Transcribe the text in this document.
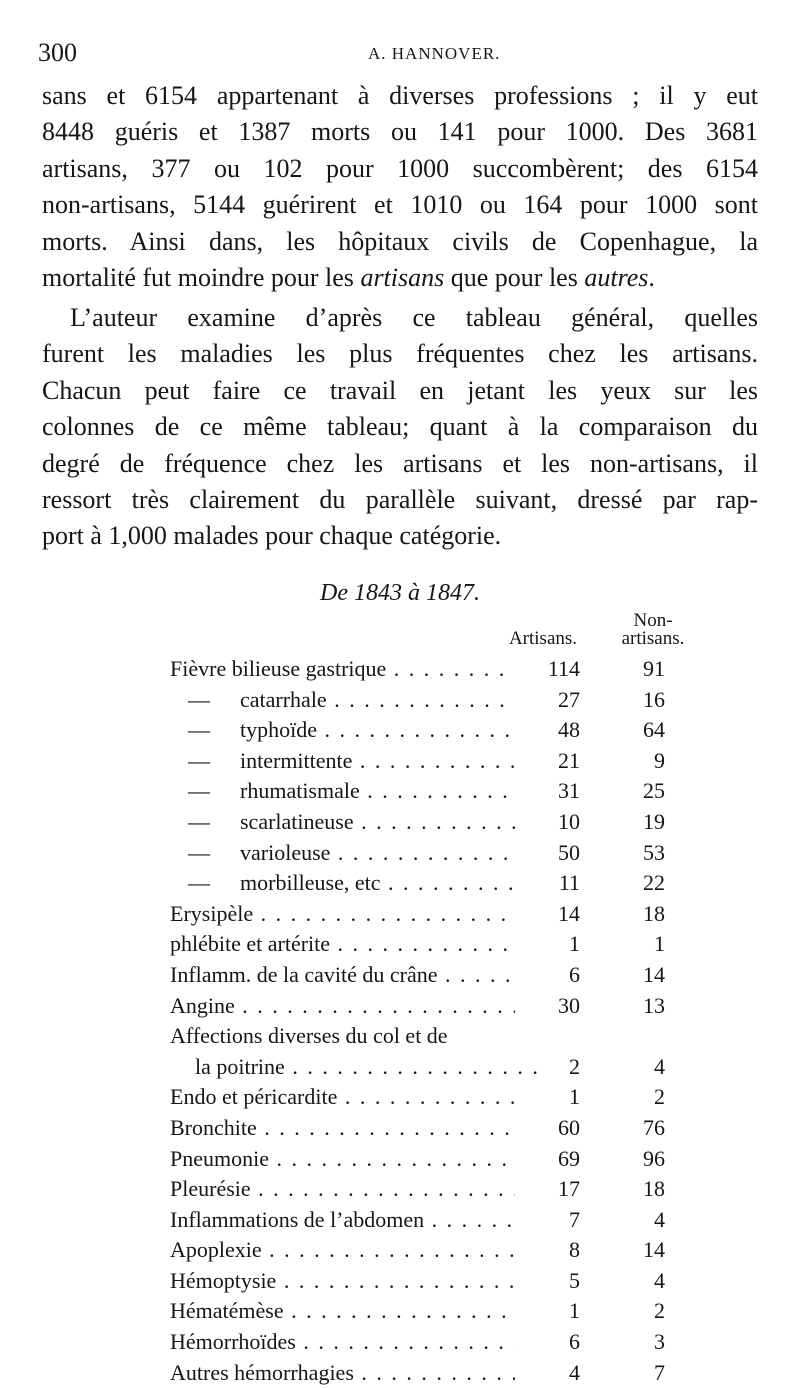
300	A. HANNOVER.
sans et 6154 appartenant à diverses professions ; il y eut
8448 guéris et 1387 morts ou 141 pour 1000. Des 3681
artisans, 377 ou 102 pour 1000 succombèrent; des 6154
non-artisans, 5144 guérirent et 1010 ou 164 pour 1000 sont
morts. Ainsi dans, les hôpitaux civils de Copenhague, la
mortalité fut moindre pour les artisans que pour les autres.
L’auteur examine d’après ce tableau général, quelles
furent les maladies les plus fréquentes chez les artisans.
Chacun peut faire ce travail en jetant les yeux sur les
colonnes de ce même tableau; quant à la comparaison du
degré de fréquence chez les artisans et les non-artisans, il
ressort très clairement du parallèle suivant, dressé par rap-
port à 1,000 malades pour chaque catégorie.
De 1843 à 1847.
Artisans.
Non-
artisans.
Fièvre bilieuse gastrique . . .	114	91
— catarrhale . . .	27	16
— typhoïde . . .	48	64
— intermittente . . .	21	9
— rhumatismale . . .	31	25
— scarlatineuse . . .	10	19
— varioleuse . . .	50	53
— morbilleuse, etc . . .	11	22
Erysipèle . . .	14	18
phlébite et artérite . . .	1	1
Inflamm. de la cavité du crâne . . .	6	14
Angine . . .	30	13
Affections diverses du col et de
la poitrine . . .	2	4
Endo et péricardite . . .	1	2
Bronchite . . .	60	76
Pneumonie . . .	69	96
Pleurésie . . .	17	18
Inflammations de l’abdomen . . .	7	4
Apoplexie . . .	8	14
Hémoptysie . . .	5	4
Hématémèse . . .	1	2
Hémorrhoïdes . . .	6	3
Autres hémorrhagies . . .	4	7
